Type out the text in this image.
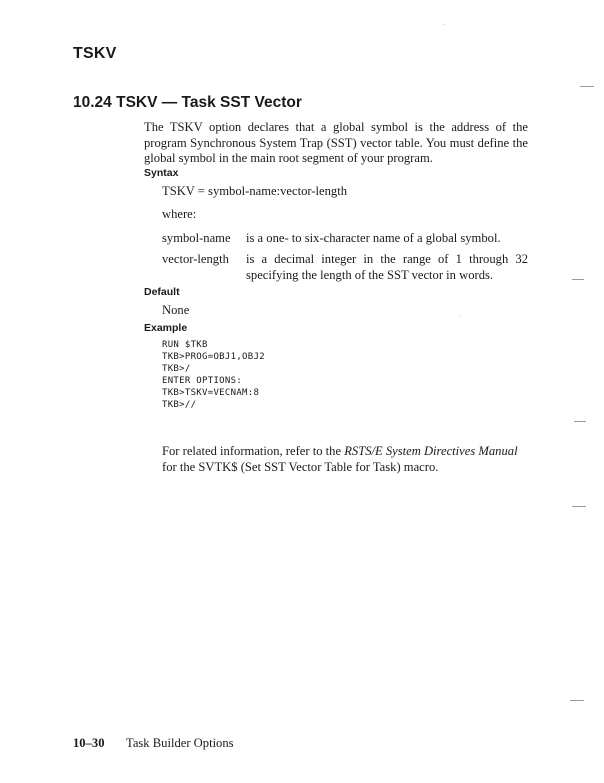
TSKV
10.24 TSKV — Task SST Vector
The TSKV option declares that a global symbol is the address of the program Synchronous System Trap (SST) vector table. You must define the global symbol in the main root segment of your program.
Syntax
TSKV = symbol-name:vector-length
where:
symbol-name is a one- to six-character name of a global symbol.
vector-length is a decimal integer in the range of 1 through 32 specifying the length of the SST vector in words.
Default
None
Example
RUN $TKB
TKB>PROG=OBJ1,OBJ2
TKB>/
ENTER OPTIONS:
TKB>TSKV=VECNAM:8
TKB>//
For related information, refer to the RSTS/E System Directives Manual for the SVTK$ (Set SST Vector Table for Task) macro.
10–30 Task Builder Options
